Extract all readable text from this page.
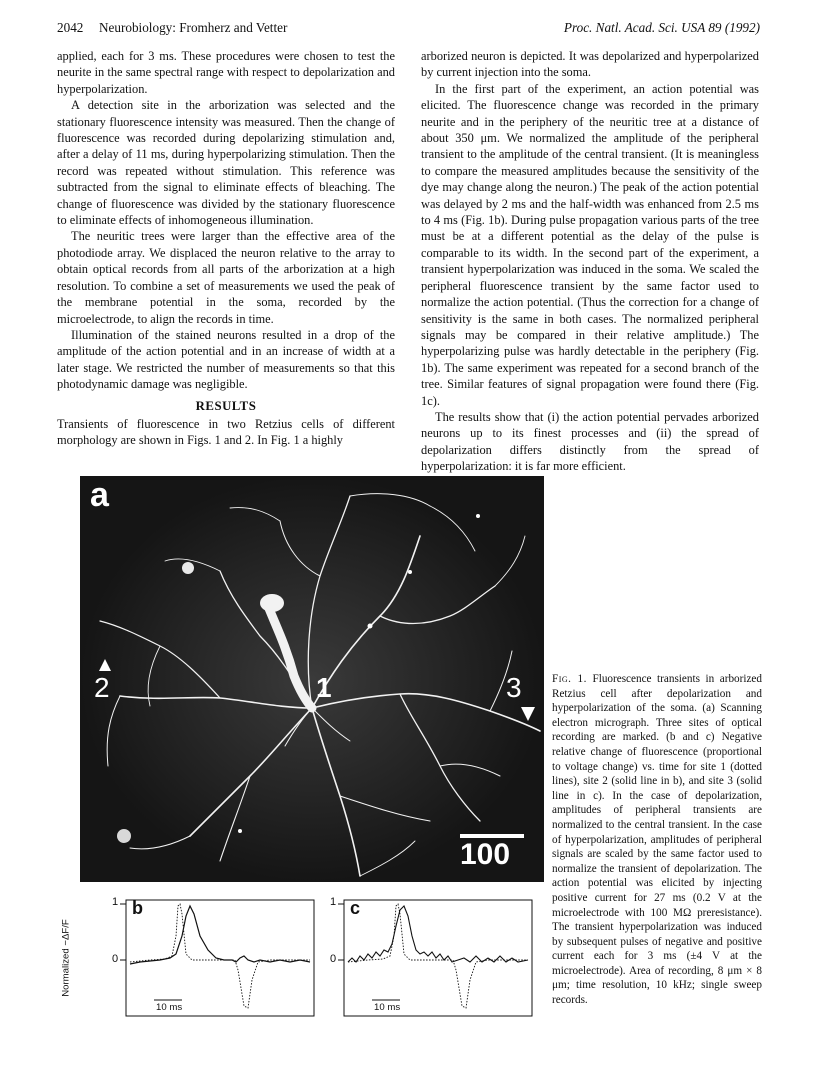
2042 Neurobiology: Fromherz and Vetter	Proc. Natl. Acad. Sci. USA 89 (1992)

applied, each for 3 ms. These procedures were chosen to test the neurite in the same spectral range with respect to depolarization and hyperpolarization.

A detection site in the arborization was selected and the stationary fluorescence intensity was measured. Then the change of fluorescence was recorded during depolarizing stimulation and, after a delay of 11 ms, during hyperpolarizing stimulation. Then the record was repeated without stimulation. This reference was subtracted from the signal to eliminate effects of bleaching. The change of fluorescence was divided by the stationary fluorescence to eliminate effects of inhomogeneous illumination.

The neuritic trees were larger than the effective area of the photodiode array. We displaced the neuron relative to the array to obtain optical records from all parts of the arborization at a high resolution. To combine a set of measurements we used the peak of the membrane potential in the soma, recorded by the microelectrode, to align the records in time.

Illumination of the stained neurons resulted in a drop of the amplitude of the action potential and in an increase of width at a later stage. We restricted the number of measurements so that this photodynamic damage was negligible.

RESULTS

Transients of fluorescence in two Retzius cells of different morphology are shown in Figs. 1 and 2. In Fig. 1 a highly

arborized neuron is depicted. It was depolarized and hyperpolarized by current injection into the soma.

In the first part of the experiment, an action potential was elicited. The fluorescence change was recorded in the primary neurite and in the periphery of the neuritic tree at a distance of about 350 μm. We normalized the amplitude of the peripheral transient to the amplitude of the central transient. (It is meaningless to compare the measured amplitudes because the sensitivity of the dye may change along the neuron.) The peak of the action potential was delayed by 2 ms and the half-width was enhanced from 2.5 ms to 4 ms (Fig. 1b). During pulse propagation various parts of the tree must be at a different potential as the delay of the pulse is comparable to its width. In the second part of the experiment, a transient hyperpolarization was induced in the soma. We scaled the peripheral fluorescence transient by the same factor used to normalize the action potential. (Thus the correction for a change of sensitivity is the same in both cases. The normalized peripheral signals may be compared in their relative amplitude.) The hyperpolarizing pulse was hardly detectable in the periphery (Fig. 1b). The same experiment was repeated for a second branch of the tree. Similar features of signal propagation were found there (Fig. 1c).

The results show that (i) the action potential pervades arborized neurons up to its finest processes and (ii) the spread of depolarization differs distinctly from the spread of hyperpolarization: it is far more efficient.

a
2	1	3
100
Fig. 1. Fluorescence transients in arborized Retzius cell after depolarization and hyperpolarization of the soma. (a) Scanning electron micrograph. Three sites of optical recording are marked. (b and c) Negative relative change of fluorescence (proportional to voltage change) vs. time for site 1 (dotted lines), site 2 (solid line in b), and site 3 (solid line in c). In the case of depolarization, amplitudes of peripheral transients are normalized to the central transient. In the case of hyperpolarization, amplitudes of peripheral signals are scaled by the same factor used to normalize the transient of depolarization. The action potential was elicited by injecting positive current for 27 ms (0.2 V at the microelectrode with 100 MΩ preresistance). The transient hyperpolarization was induced by subsequent pulses of negative and positive current each for 3 ms (±4 V at the microelectrode). Area of recording, 8 μm × 8 μm; time resolution, 10 kHz; single sweep records.
Normalized −ΔF/F
b
10 ms
1
0
c
10 ms
1
0
